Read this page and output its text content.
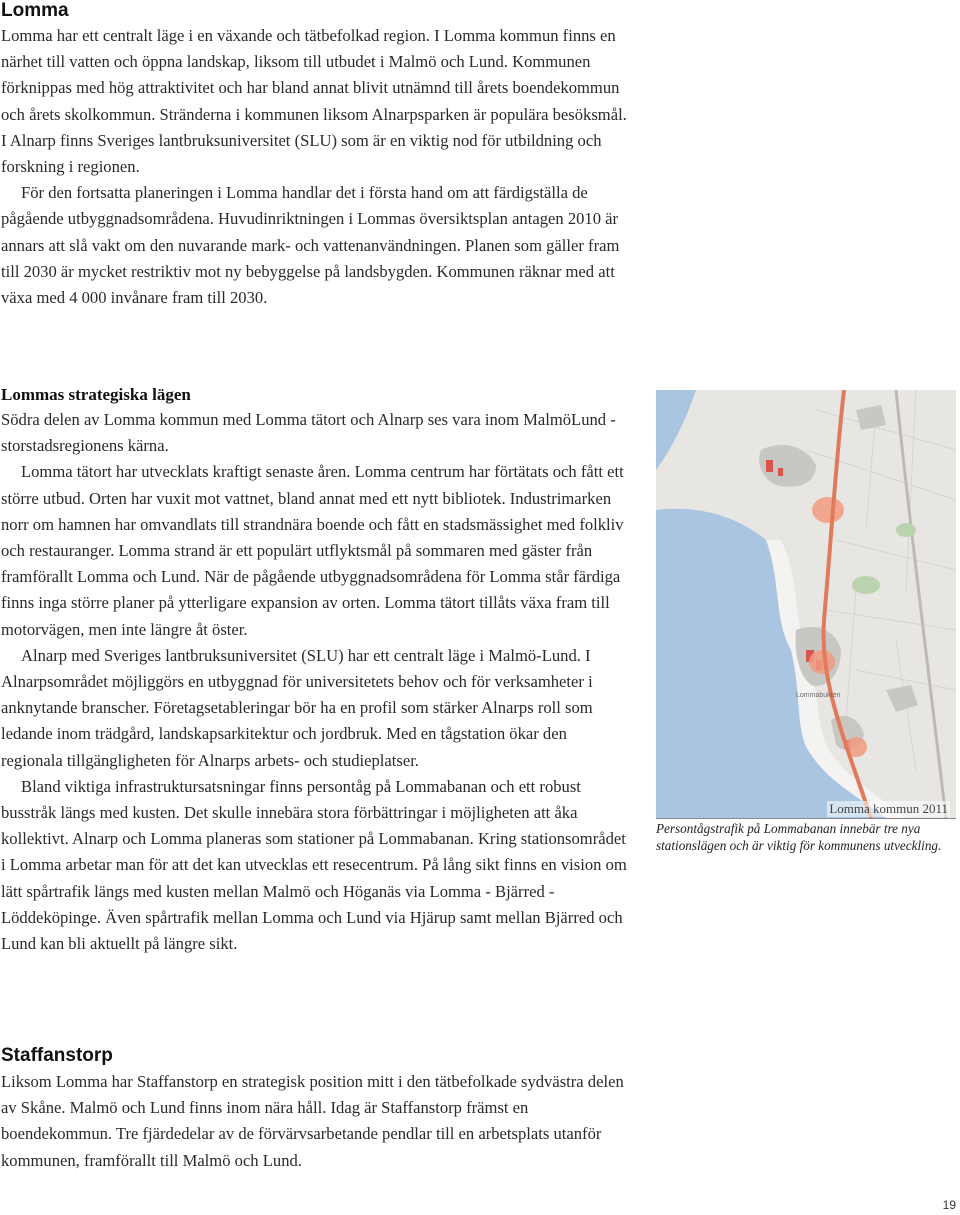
Lomma

Lomma har ett centralt läge i en växande och tätbefolkad region. I Lomma kommun finns en närhet till vatten och öppna landskap, liksom till utbudet i Malmö och Lund. Kommunen förknippas med hög attraktivitet och har bland annat blivit utnämnd till årets boendekommun och årets skolkommun. Stränderna i kommunen liksom Alnarpsparken är populära besöksmål. I Alnarp finns Sveriges lantbruksuniversitet (SLU) som är en viktig nod för utbildning och forskning i regionen.

För den fortsatta planeringen i Lomma handlar det i första hand om att färdigställa de pågående utbyggnadsområdena. Huvudinriktningen i Lommas översiktsplan antagen 2010 är annars att slå vakt om den nuvarande mark- och vattenanvändningen. Planen som gäller fram till 2030 är mycket restriktiv mot ny bebyggelse på landsbygden. Kommunen räknar med att växa med 4 000 invånare fram till 2030.

Lommas strategiska lägen

Södra delen av Lomma kommun med Lomma tätort och Alnarp ses vara inom MalmöLund - storstadsregionens kärna.

Lomma tätort har utvecklats kraftigt senaste åren. Lomma centrum har förtätats och fått ett större utbud. Orten har vuxit mot vattnet, bland annat med ett nytt bibliotek. Industrimarken norr om hamnen har omvandlats till strandnära boende och fått en stadsmässighet med folkliv och restauranger. Lomma strand är ett populärt utflyktsmål på sommaren med gäster från framförallt Lomma och Lund. När de pågående utbyggnadsområdena för Lomma står färdiga finns inga större planer på ytterligare expansion av orten. Lomma tätort tillåts växa fram till motorvägen, men inte längre åt öster.

Alnarp med Sveriges lantbruksuniversitet (SLU) har ett centralt läge i Malmö-Lund. I Alnarpsområdet möjliggörs en utbyggnad för universitetets behov och för verksamheter i anknytande branscher. Företagsetableringar bör ha en profil som stärker Alnarps roll som ledande inom trädgård, landskapsarkitektur och jordbruk. Med en tågstation ökar den regionala tillgängligheten för Alnarps arbets- och studieplatser.

Bland viktiga infrastruktursatsningar finns persontåg på Lommabanan och ett robust busstråk längs med kusten. Det skulle innebära stora förbättringar i möjligheten att åka kollektivt. Alnarp och Lomma planeras som stationer på Lommabanan. Kring stationsområdet i Lomma arbetar man för att det kan utvecklas ett resecentrum. På lång sikt finns en vision om lätt spårtrafik längs med kusten mellan Malmö och Höganäs via Lomma - Bjärred - Löddeköpinge. Även spårtrafik mellan Lomma och Lund via Hjärup samt mellan Bjärred och Lund kan bli aktuellt på längre sikt.

Lommabukten
Lomma kommun 2011

Persontågstrafik på Lommabanan innebär tre nya stationslägen och är viktig för kommunens utveckling.

Staffanstorp

Liksom Lomma har Staffanstorp en strategisk position mitt i den tätbefolkade sydvästra delen av Skåne. Malmö och Lund finns inom nära håll. Idag är Staffanstorp främst en boendekommun. Tre fjärdedelar av de förvärvsarbetande pendlar till en arbetsplats utanför kommunen, framförallt till Malmö och Lund.

19
